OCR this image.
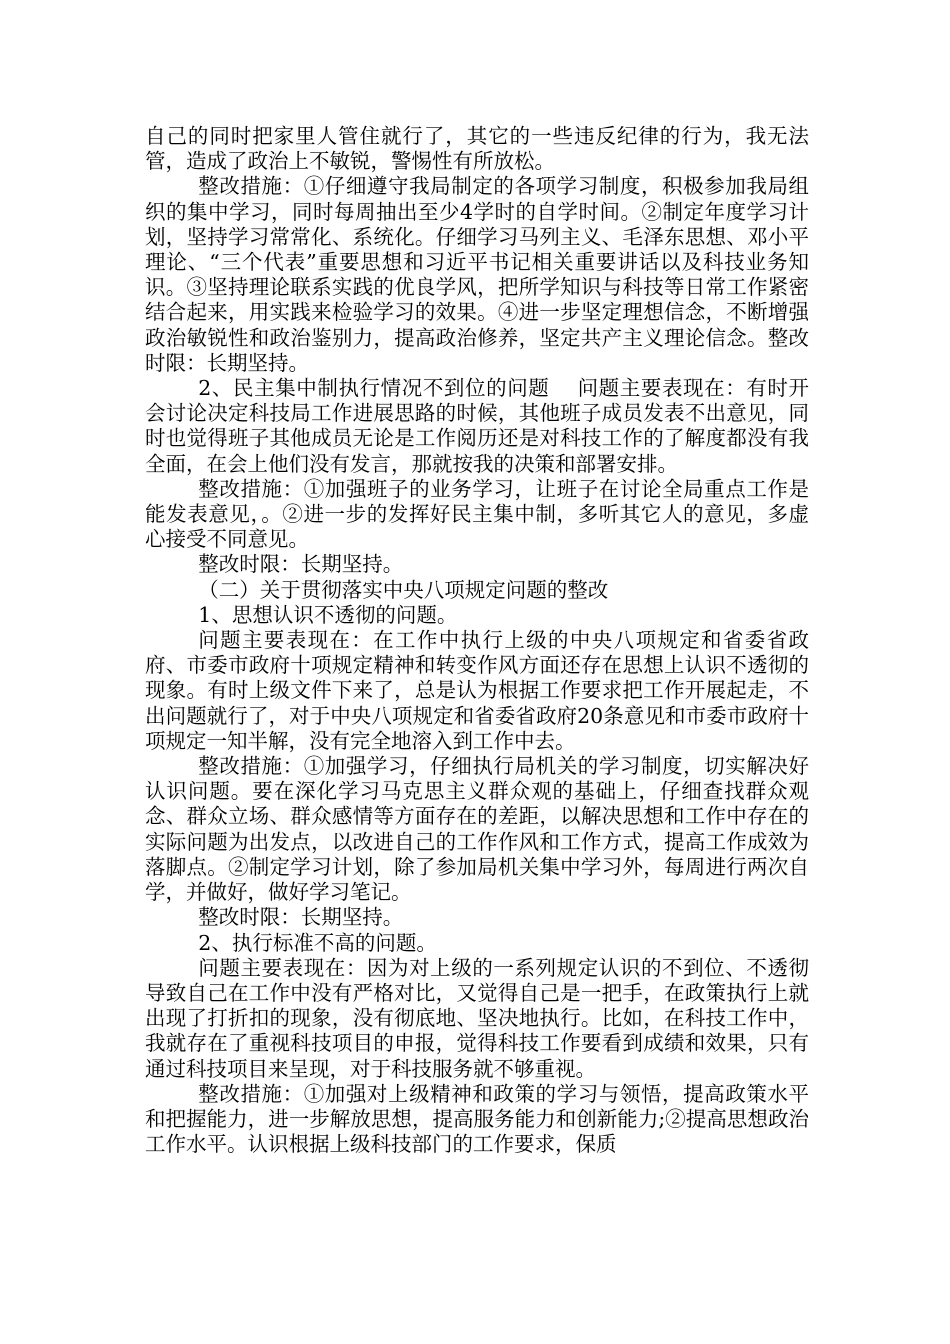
自己的同时把家里人管住就行了，其它的一些违反纪律的行为，我无法管，造成了政治上不敏锐，警惕性有所放松。

整改措施：①仔细遵守我局制定的各项学习制度，积极参加我局组织的集中学习，同时每周抽出至少4学时的自学时间。②制定年度学习计划，坚持学习常常化、系统化。仔细学习马列主义、毛泽东思想、邓小平理论、“三个代表”重要思想和习近平书记相关重要讲话以及科技业务知识。③坚持理论联系实践的优良学风，把所学知识与科技等日常工作紧密结合起来，用实践来检验学习的效果。④进一步坚定理想信念，不断增强政治敏锐性和政治鉴别力，提高政治修养，坚定共产主义理论信念。整改时限：长期坚持。

2、民主集中制执行情况不到位的问题　 问题主要表现在：有时开会讨论决定科技局工作进展思路的时候，其他班子成员发表不出意见，同时也觉得班子其他成员无论是工作阅历还是对科技工作的了解度都没有我全面，在会上他们没有发言，那就按我的决策和部署安排。

整改措施：①加强班子的业务学习，让班子在讨论全局重点工作是能发表意见，。②进一步的发挥好民主集中制，多听其它人的意见，多虚心接受不同意见。

整改时限：长期坚持。

（二）关于贯彻落实中央八项规定问题的整改

1、思想认识不透彻的问题。

问题主要表现在：在工作中执行上级的中央八项规定和省委省政府、市委市政府十项规定精神和转变作风方面还存在思想上认识不透彻的现象。有时上级文件下来了，总是认为根据工作要求把工作开展起走，不出问题就行了，对于中央八项规定和省委省政府20条意见和市委市政府十项规定一知半解，没有完全地溶入到工作中去。

整改措施：①加强学习，仔细执行局机关的学习制度，切实解决好认识问题。要在深化学习马克思主义群众观的基础上，仔细查找群众观念、群众立场、群众感情等方面存在的差距，以解决思想和工作中存在的实际问题为出发点，以改进自己的工作作风和工作方式，提高工作成效为落脚点。②制定学习计划，除了参加局机关集中学习外，每周进行两次自学，并做好，做好学习笔记。

整改时限：长期坚持。

2、执行标准不高的问题。

问题主要表现在：因为对上级的一系列规定认识的不到位、不透彻导致自己在工作中没有严格对比，又觉得自己是一把手，在政策执行上就出现了打折扣的现象，没有彻底地、坚决地执行。比如，在科技工作中，我就存在了重视科技项目的申报，觉得科技工作要看到成绩和效果，只有通过科技项目来呈现，对于科技服务就不够重视。

整改措施：①加强对上级精神和政策的学习与领悟，提高政策水平和把握能力，进一步解放思想，提高服务能力和创新能力;②提高思想政治工作水平。认识根据上级科技部门的工作要求，保质
